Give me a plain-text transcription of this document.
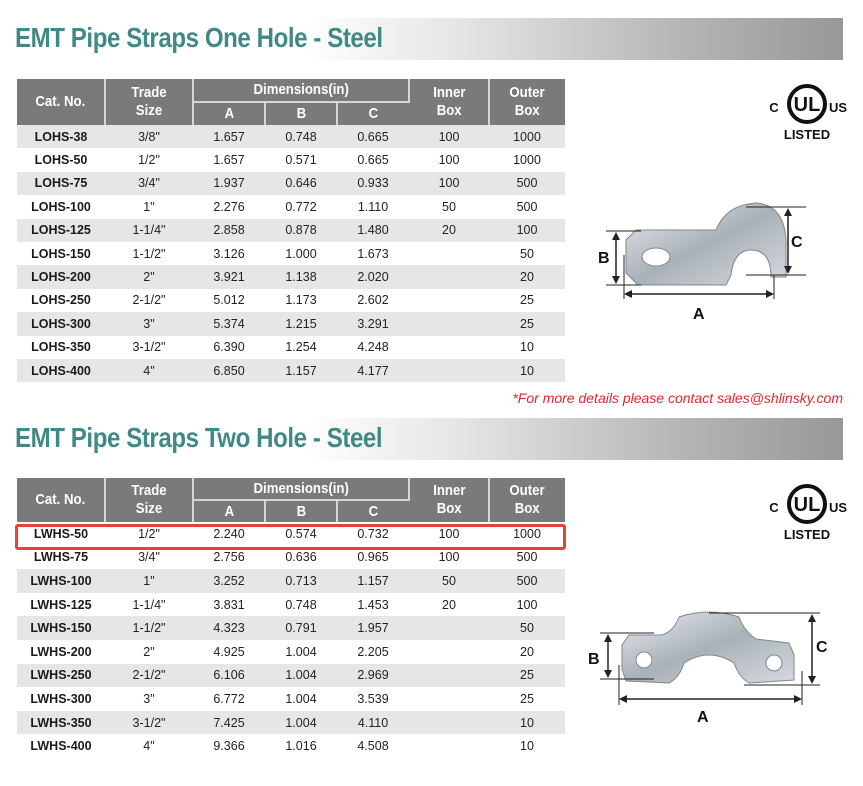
EMT Pipe Straps One Hole - Steel
Cat. No.	Trade
Size	Dimensions(in)			Inner
Box	Outer
Box
		A	B	C		
LOHS-38	3/8"	1.657	0.748	0.665	100	1000
LOHS-50	1/2"	1.657	0.571	0.665	100	1000
LOHS-75	3/4"	1.937	0.646	0.933	100	500
LOHS-100	1"	2.276	0.772	1.110	50	500
LOHS-125	1-1/4"	2.858	0.878	1.480	20	100
LOHS-150	1-1/2"	3.126	1.000	1.673		50
LOHS-200	2"	3.921	1.138	2.020		20
LOHS-250	2-1/2"	5.012	1.173	2.602		25
LOHS-300	3"	5.374	1.215	3.291		25
LOHS-350	3-1/2"	6.390	1.254	4.248		10
LOHS-400	4"	6.850	1.157	4.177		10
UL
C	US
LISTED
B
C
A
*For more details please contact sales@shlinsky.com
EMT Pipe Straps Two Hole - Steel
Cat. No.	Trade
Size	Dimensions(in)			Inner
Box	Outer
Box
		A	B	C		
LWHS-50	1/2"	2.240	0.574	0.732	100	1000
LWHS-75	3/4"	2.756	0.636	0.965	100	500
LWHS-100	1"	3.252	0.713	1.157	50	500
LWHS-125	1-1/4"	3.831	0.748	1.453	20	100
LWHS-150	1-1/2"	4.323	0.791	1.957		50
LWHS-200	2"	4.925	1.004	2.205		20
LWHS-250	2-1/2"	6.106	1.004	2.969		25
LWHS-300	3"	6.772	1.004	3.539		25
LWHS-350	3-1/2"	7.425	1.004	4.110		10
LWHS-400	4"	9.366	1.016	4.508		10
UL
C	US
LISTED
B
C
A
